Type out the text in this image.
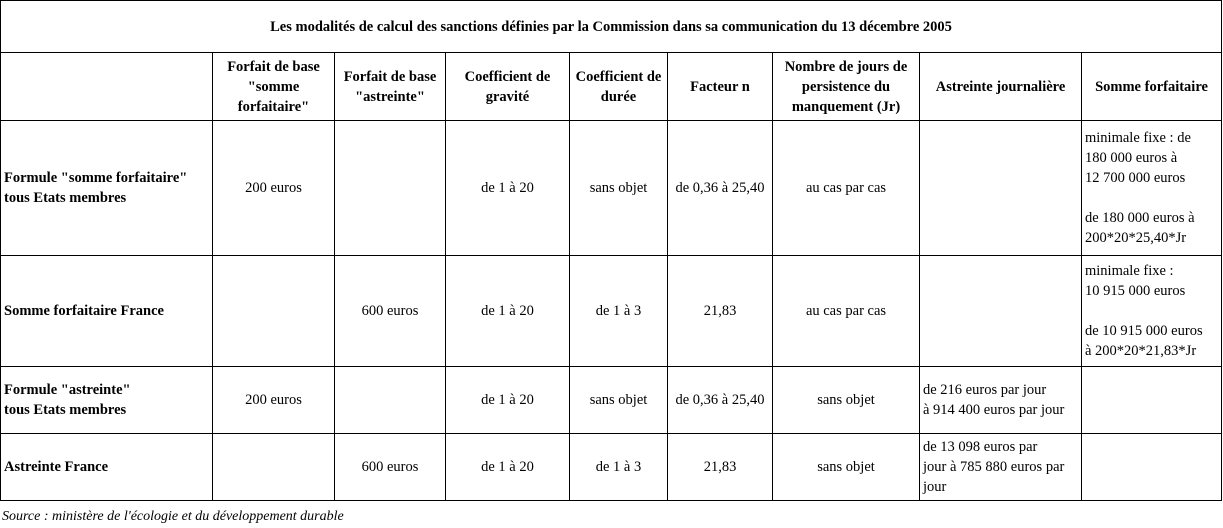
Les modalités de calcul des sanctions définies par la Commission dans sa communication du 13 décembre 2005								
	Forfait de base "somme forfaitaire"	Forfait de base "astreinte"	Coefficient de gravité	Coefficient de durée	Facteur n	Nombre de jours de persistence du manquement (Jr)	Astreinte journalière	Somme forfaitaire

Formule "somme forfaitaire"
tous Etats membres	200 euros		de 1 à 20	sans objet	de 0,36 à 25,40	au cas par cas		minimale fixe : de
180 000 euros à
12 700 000 euros

de 180 000 euros à
200*20*25,40*Jr

Somme forfaitaire France		600 euros	de 1 à 20	de 1 à 3	21,83	au cas par cas		minimale fixe :
10 915 000 euros

de 10 915 000 euros
à 200*20*21,83*Jr

Formule "astreinte"
tous Etats membres	200 euros		de 1 à 20	sans objet	de 0,36 à 25,40	sans objet	de 216 euros par jour
à 914 400 euros par jour	

Astreinte France		600 euros	de 1 à 20	de 1 à 3	21,83	sans objet	de 13 098 euros par
jour à 785 880 euros par
jour	

Source : ministère de l'écologie et du développement durable
